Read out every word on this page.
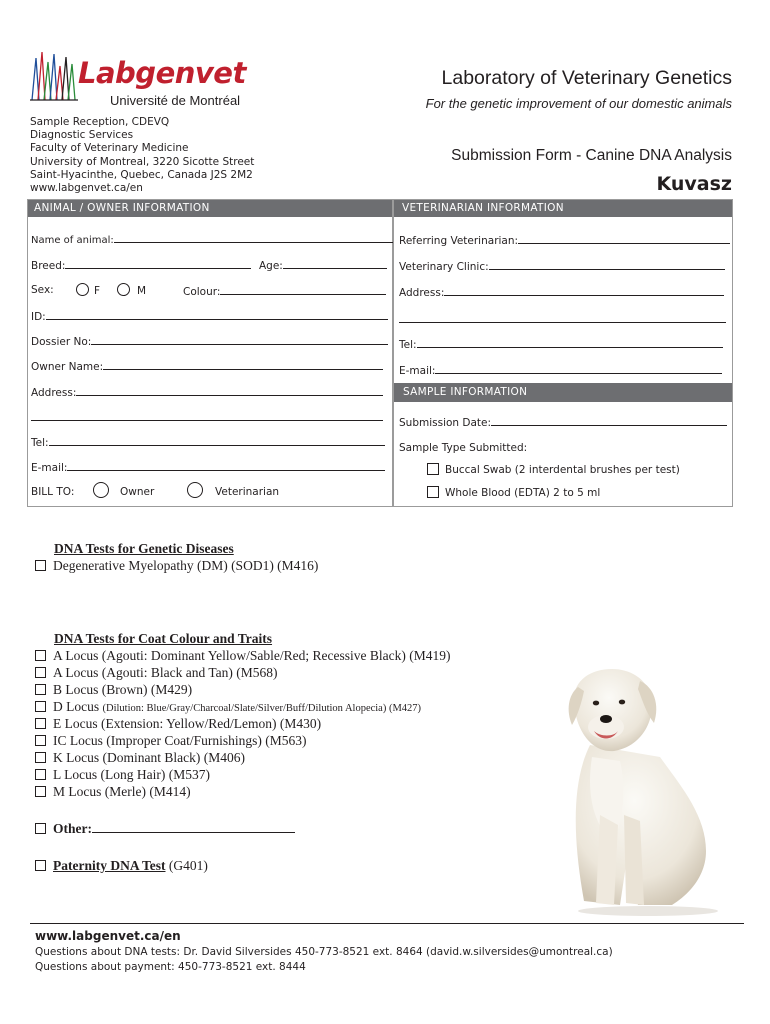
Labgenvet
Université de Montréal
Laboratory of Veterinary Genetics
For the genetic improvement of our domestic animals
Sample Reception, CDEVQ
Diagnostic Services
Faculty of Veterinary Medicine
University of Montreal, 3220 Sicotte Street
Saint-Hyacinthe, Quebec, Canada J2S 2M2
www.labgenvet.ca/en
Submission Form - Canine DNA Analysis
Kuvasz
ANIMAL / OWNER INFORMATION
Name of animal:
Breed:	Age:
Sex:	F	M	Colour:
ID:
Dossier No:
Owner Name:
Address:
Tel:
E-mail:
BILL TO:	Owner	Veterinarian
VETERINARIAN INFORMATION
Referring Veterinarian:
Veterinary Clinic:
Address:
Tel:
E-mail:
SAMPLE INFORMATION
Submission Date:
Sample Type Submitted:
Buccal Swab (2 interdental brushes per test)
Whole Blood (EDTA) 2 to 5 ml
DNA Tests for Genetic Diseases
Degenerative Myelopathy (DM) (SOD1) (M416)
DNA Tests for Coat Colour and Traits
A Locus (Agouti: Dominant Yellow/Sable/Red; Recessive Black) (M419)
A Locus (Agouti: Black and Tan) (M568)
B Locus (Brown) (M429)
D Locus (Dilution: Blue/Gray/Charcoal/Slate/Silver/Buff/Dilution Alopecia) (M427)
E Locus (Extension: Yellow/Red/Lemon) (M430)
IC Locus (Improper Coat/Furnishings) (M563)
K Locus (Dominant Black) (M406)
L Locus (Long Hair) (M537)
M Locus (Merle) (M414)
Other:
Paternity DNA Test (G401)
www.labgenvet.ca/en
Questions about DNA tests: Dr. David Silversides 450-773-8521 ext. 8464 (david.w.silversides@umontreal.ca)
Questions about payment: 450-773-8521 ext. 8444
